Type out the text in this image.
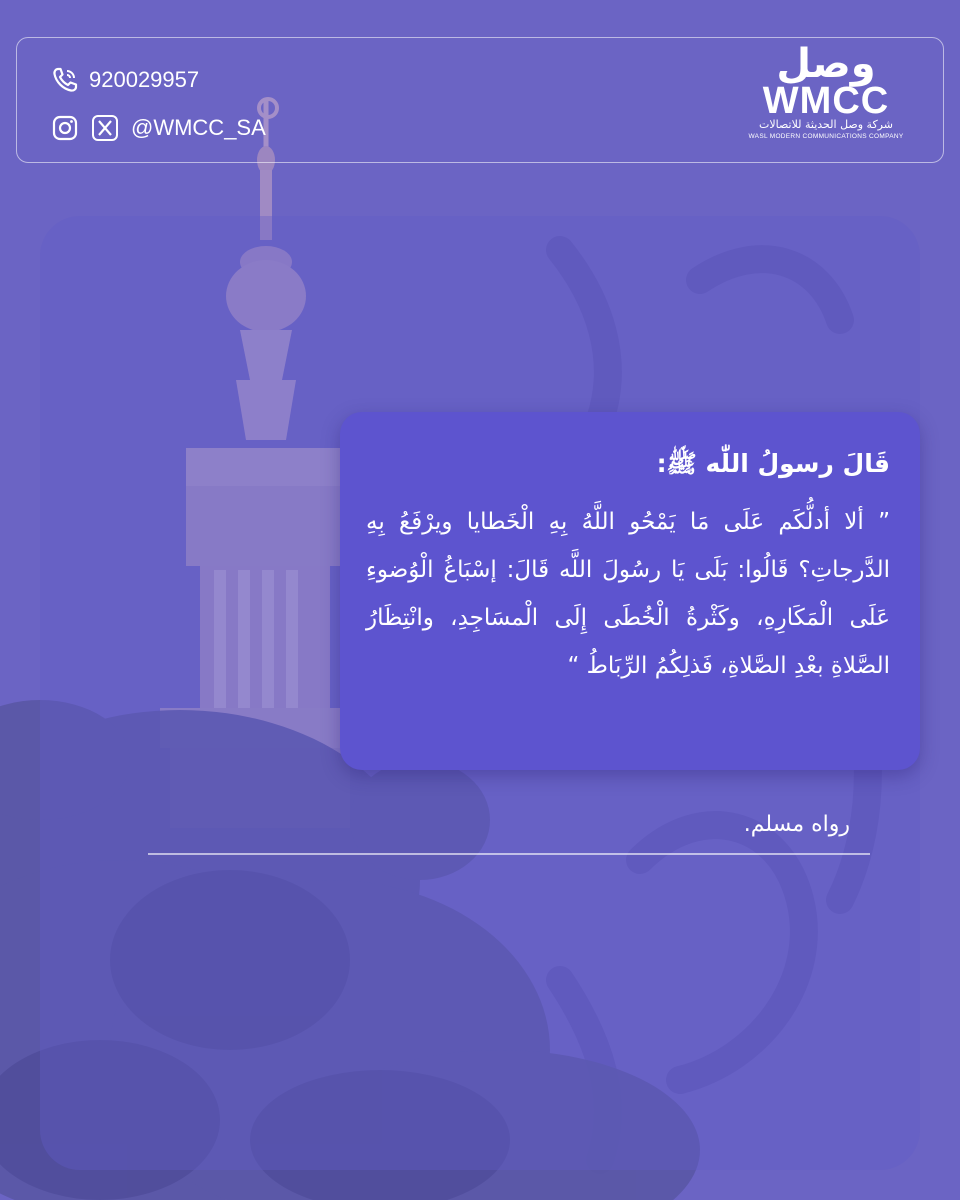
920029957
@WMCC_SA
وصل
WMCC
شركة وصل الحديثة للاتصالات
WASL MODERN COMMUNICATIONS COMPANY
قَالَ رسولُ اللّٰه ﷺ:
” ألا أدلُّكَم عَلَى مَا يَمْحُو اللَّهُ بِهِ الْخَطايا ويرْفَعُ بِهِ الدَّرجاتِ؟ قَالُوا: بَلَى يَا رسُولَ اللَّه قَالَ: إسْبَاغُ الْوُضوءِ عَلَى الْمَكَارِهِ، وكَثْرةُ الْخُطَى إِلَى الْمسَاجِدِ، وانْتِظَارُ الصَّلاةِ بعْدِ الصَّلاةِ، فَذلِكُمُ الرِّبَاطُ “
رواه مسلم.
